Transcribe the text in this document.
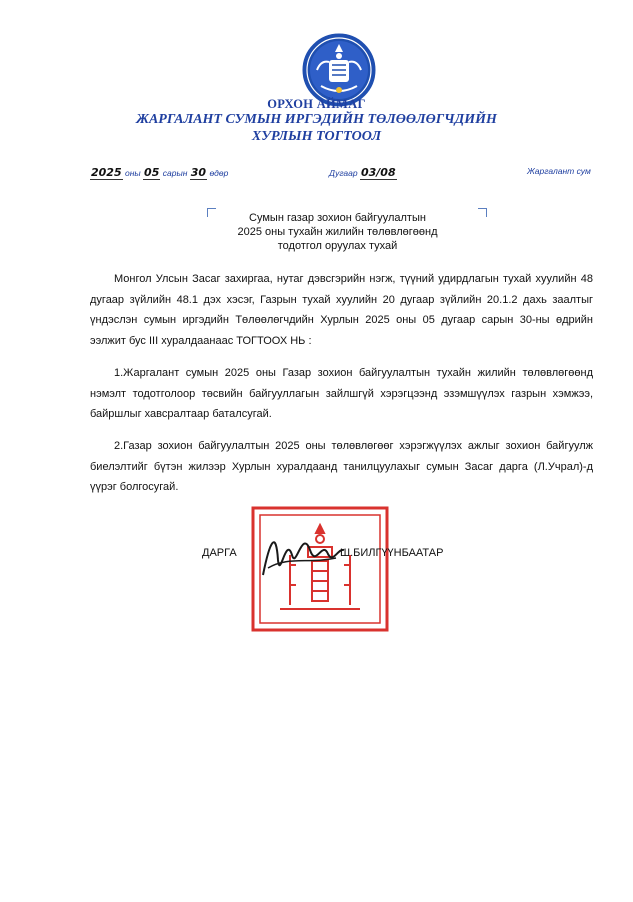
ОРХОН АЙМАГ
ЖАРГАЛАНТ СУМЫН ИРГЭДИЙН ТӨЛӨӨЛӨГЧДИЙН
ХУРЛЫН ТОГТООЛ
2025 оны 05 сарын 30 өдөр	Дугаар 03/08	Жаргалант сум
Сумын газар зохион байгуулалтын
2025 оны тухайн жилийн төлөвлөгөөнд
тодотгол оруулах тухай
Монгол Улсын Засаг захиргаа, нутаг дэвсгэрийн нэгж, түүний удирдлагын тухай хуулийн 48 дугаар зүйлийн 48.1 дэх хэсэг, Газрын тухай хуулийн 20 дугаар зүйлийн 20.1.2 дахь заалтыг үндэслэн сумын иргэдийн Төлөөлөгчдийн Хурлын 2025 оны 05 дугаар сарын 30-ны өдрийн ээлжит бус III хуралдаанаас ТОГТООХ НЬ :
1.Жаргалант сумын 2025 оны Газар зохион байгуулалтын тухайн жилийн төлөвлөгөөнд нэмэлт тодотголоор төсвийн байгууллагын зайлшгүй хэрэгцээнд эзэмшүүлэх газрын хэмжээ, байршлыг хавсралтаар баталсугай.
2.Газар зохион байгуулалтын 2025 оны төлөвлөгөөг хэрэгжүүлэх ажлыг зохион байгуулж биелэлтийг бүтэн жилээр Хурлын хуралдаанд танилцуулахыг сумын Засаг дарга (Л.Учрал)-д үүрэг болгосугай.
ДАРГА	Ш.БИЛГҮҮНБААТАР
